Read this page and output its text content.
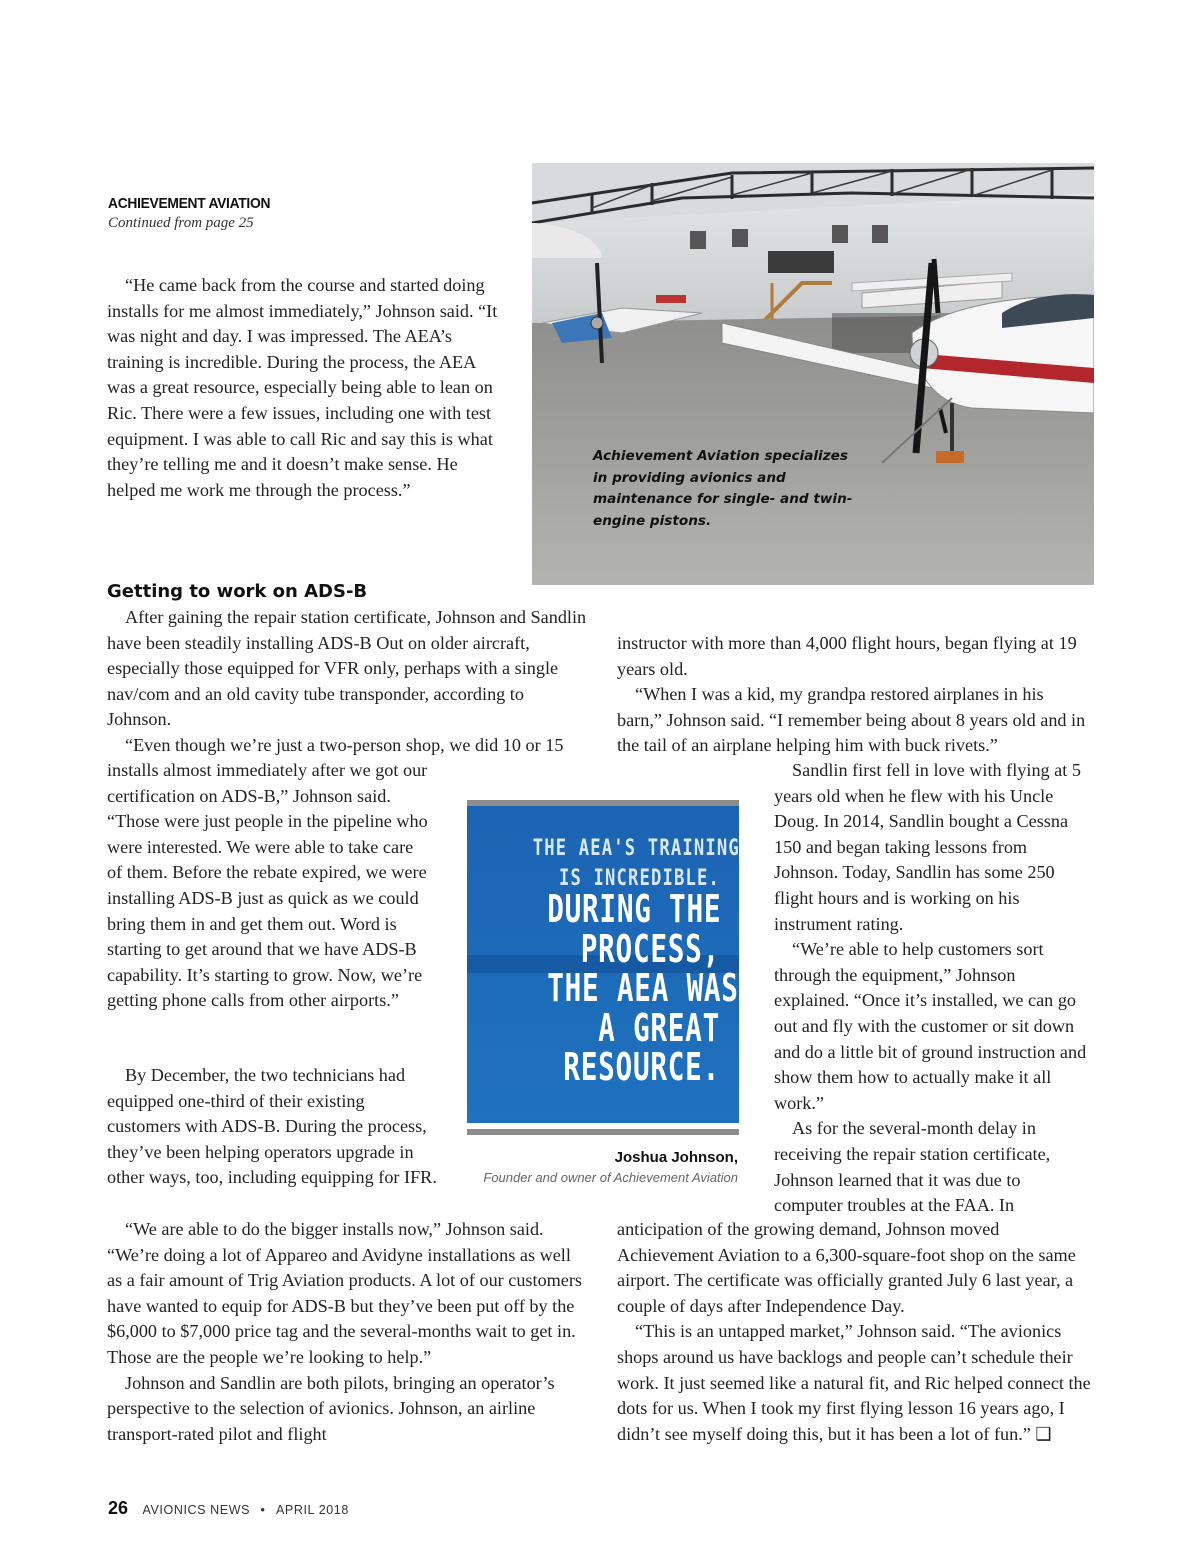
ACHIEVEMENT AVIATION
Continued from page 25

“He came back from the course and started doing installs for me almost immediately,” Johnson said. “It was night and day. I was impressed. The AEA’s training is incredible. During the process, the AEA was a great resource, especially being able to lean on Ric. There were a few issues, including one with test equipment. I was able to call Ric and say this is what they’re telling me and it doesn’t make sense. He helped me work me through the process.”

Getting to work on ADS-B

After gaining the repair station certificate, Johnson and Sandlin have been steadily installing ADS-B Out on older aircraft, especially those equipped for VFR only, perhaps with a single nav/com and an old cavity tube transponder, according to Johnson.

“Even though we’re just a two-person shop, we did 10 or 15

Achievement Aviation specializes in providing avionics and maintenance for single- and twin-engine pistons.

instructor with more than 4,000 flight hours, began flying at 19 years old.

“When I was a kid, my grandpa restored airplanes in his barn,” Johnson said. “I remember being about 8 years old and in the tail of an airplane helping him with buck rivets.”

Sandlin first fell in love with flying at 5 years old when he flew with his Uncle Doug. In 2014, Sandlin bought a Cessna 150 and began taking lessons from Johnson. Today, Sandlin has some 250 flight hours and is working on his instrument rating.

“We’re able to help customers sort through the equipment,” Johnson explained. “Once it’s installed, we can go out and fly with the customer or sit down and do a little bit of ground instruction and show them how to actually make it all work.”

As for the several-month delay in receiving the repair station certificate, Johnson learned that it was due to computer troubles at the FAA. In

anticipation of the growing demand, Johnson moved Achievement Aviation to a 6,300-square-foot shop on the same airport. The certificate was officially granted July 6 last year, a couple of days after Independence Day.

“This is an untapped market,” Johnson said. “The avionics shops around us have backlogs and people can’t schedule their work. It just seemed like a natural fit, and Ric helped connect the dots for us. When I took my first flying lesson 16 years ago, I didn’t see myself doing this, but it has been a lot of fun.” ❑

By December, the two technicians had equipped one-third of their existing customers with ADS-B. During the process, they’ve been helping operators upgrade in other ways, too, including equipping for IFR.

“We are able to do the bigger installs now,” Johnson said. “We’re doing a lot of Appareo and Avidyne installations as well as a fair amount of Trig Aviation products. A lot of our customers have wanted to equip for ADS-B but they’ve been put off by the $6,000 to $7,000 price tag and the several-months wait to get in. Those are the people we’re looking to help.”

Johnson and Sandlin are both pilots, bringing an operator’s perspective to the selection of avionics. Johnson, an airline transport-rated pilot and flight

THE AEA'S TRAINING
IS INCREDIBLE.
DURING THE
PROCESS,
THE AEA WAS
A GREAT
RESOURCE.
Joshua Johnson,
Founder and owner of Achievement Aviation
26 AVIONICS NEWS • APRIL 2018

installs almost immediately after we got our certification on ADS-B,” Johnson said. “Those were just people in the pipeline who were interested. We were able to take care of them. Before the rebate expired, we were installing ADS-B just as quick as we could bring them in and get them out. Word is starting to get around that we have ADS-B capability. It’s starting to grow. Now, we’re getting phone calls from other airports.”
